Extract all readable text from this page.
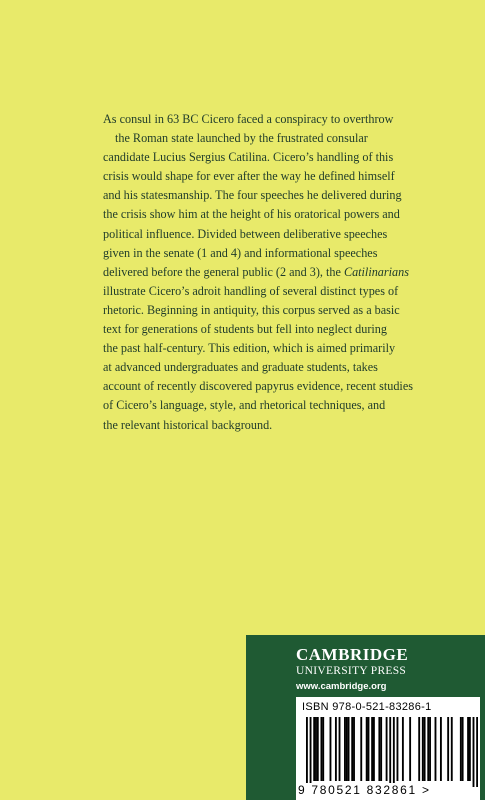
As consul in 63 BC Cicero faced a conspiracy to overthrow
the Roman state launched by the frustrated consular
candidate Lucius Sergius Catilina. Cicero’s handling of this
crisis would shape for ever after the way he defined himself
and his statesmanship. The four speeches he delivered during
the crisis show him at the height of his oratorical powers and
political influence. Divided between deliberative speeches
given in the senate (1 and 4) and informational speeches
delivered before the general public (2 and 3), the Catilinarians
illustrate Cicero’s adroit handling of several distinct types of
rhetoric. Beginning in antiquity, this corpus served as a basic
text for generations of students but fell into neglect during
the past half-century. This edition, which is aimed primarily
at advanced undergraduates and graduate students, takes
account of recently discovered papyrus evidence, recent studies
of Cicero’s language, style, and rhetorical techniques, and
the relevant historical background.
CAMBRIDGE
UNIVERSITY PRESS
www.cambridge.org
ISBN 978-0-521-83286-1
9 780521 832861 >
